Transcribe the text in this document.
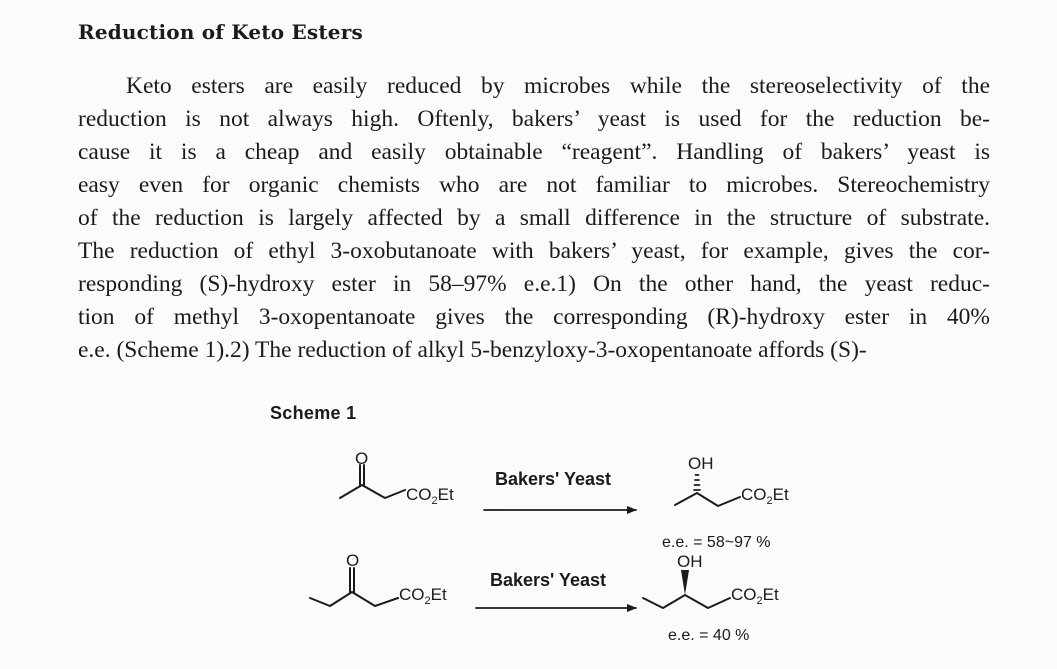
Reduction of Keto Esters
Keto esters are easily reduced by microbes while the stereoselectivity of the
reduction is not always high. Oftenly, bakers’ yeast is used for the reduction be-
cause it is a cheap and easily obtainable “reagent”. Handling of bakers’ yeast is
easy even for organic chemists who are not familiar to microbes. Stereochemistry
of the reduction is largely affected by a small difference in the structure of substrate.
The reduction of ethyl 3-oxobutanoate with bakers’ yeast, for example, gives the cor-
responding (S)-hydroxy ester in 58–97% e.e.1) On the other hand, the yeast reduc-
tion of methyl 3-oxopentanoate gives the corresponding (R)-hydroxy ester in 40%
e.e. (Scheme 1).2) The reduction of alkyl 5-benzyloxy-3-oxopentanoate affords (S)-
Scheme 1
O
$CO_2Et$
Bakers' Yeast
OH
$CO_2Et$
e.e. = 58~97 %
O
$CO_2Et$
Bakers' Yeast
OH
$CO_2Et$
e.e. = 40 %
